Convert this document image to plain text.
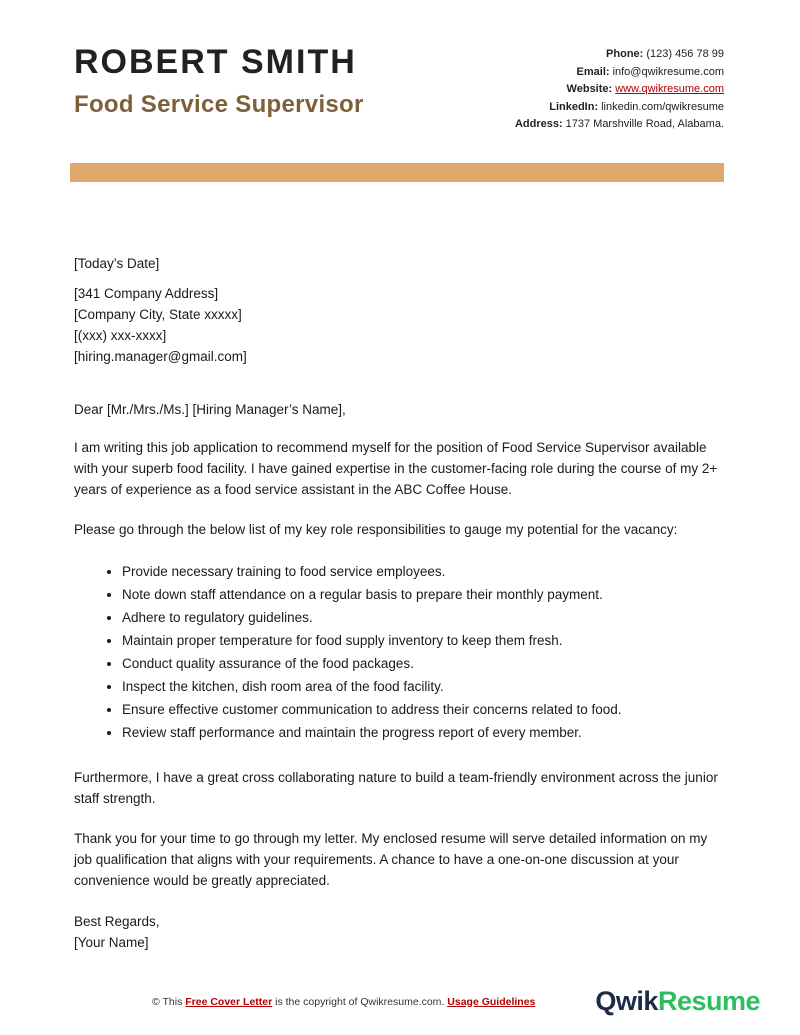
ROBERT SMITH
Food Service Supervisor
Phone: (123) 456 78 99
Email: info@qwikresume.com
Website: www.qwikresume.com
LinkedIn: linkedin.com/qwikresume
Address: 1737 Marshville Road, Alabama.
[Today’s Date]
[341 Company Address]
[Company City, State xxxxx]
[(xxx) xxx-xxxx]
[hiring.manager@gmail.com]
Dear [Mr./Mrs./Ms.] [Hiring Manager’s Name],

I am writing this job application to recommend myself for the position of Food Service Supervisor available with your superb food facility. I have gained expertise in the customer-facing role during the course of my 2+ years of experience as a food service assistant in the ABC Coffee House.

Please go through the below list of my key role responsibilities to gauge my potential for the vacancy:

• Provide necessary training to food service employees.
• Note down staff attendance on a regular basis to prepare their monthly payment.
• Adhere to regulatory guidelines.
• Maintain proper temperature for food supply inventory to keep them fresh.
• Conduct quality assurance of the food packages.
• Inspect the kitchen, dish room area of the food facility.
• Ensure effective customer communication to address their concerns related to food.
• Review staff performance and maintain the progress report of every member.

Furthermore, I have a great cross collaborating nature to build a team-friendly environment across the junior staff strength.

Thank you for your time to go through my letter. My enclosed resume will serve detailed information on my job qualification that aligns with your requirements. A chance to have a one-on-one discussion at your convenience would be greatly appreciated.

Best Regards,
[Your Name]
© This Free Cover Letter is the copyright of Qwikresume.com. Usage Guidelines	QwikResume
